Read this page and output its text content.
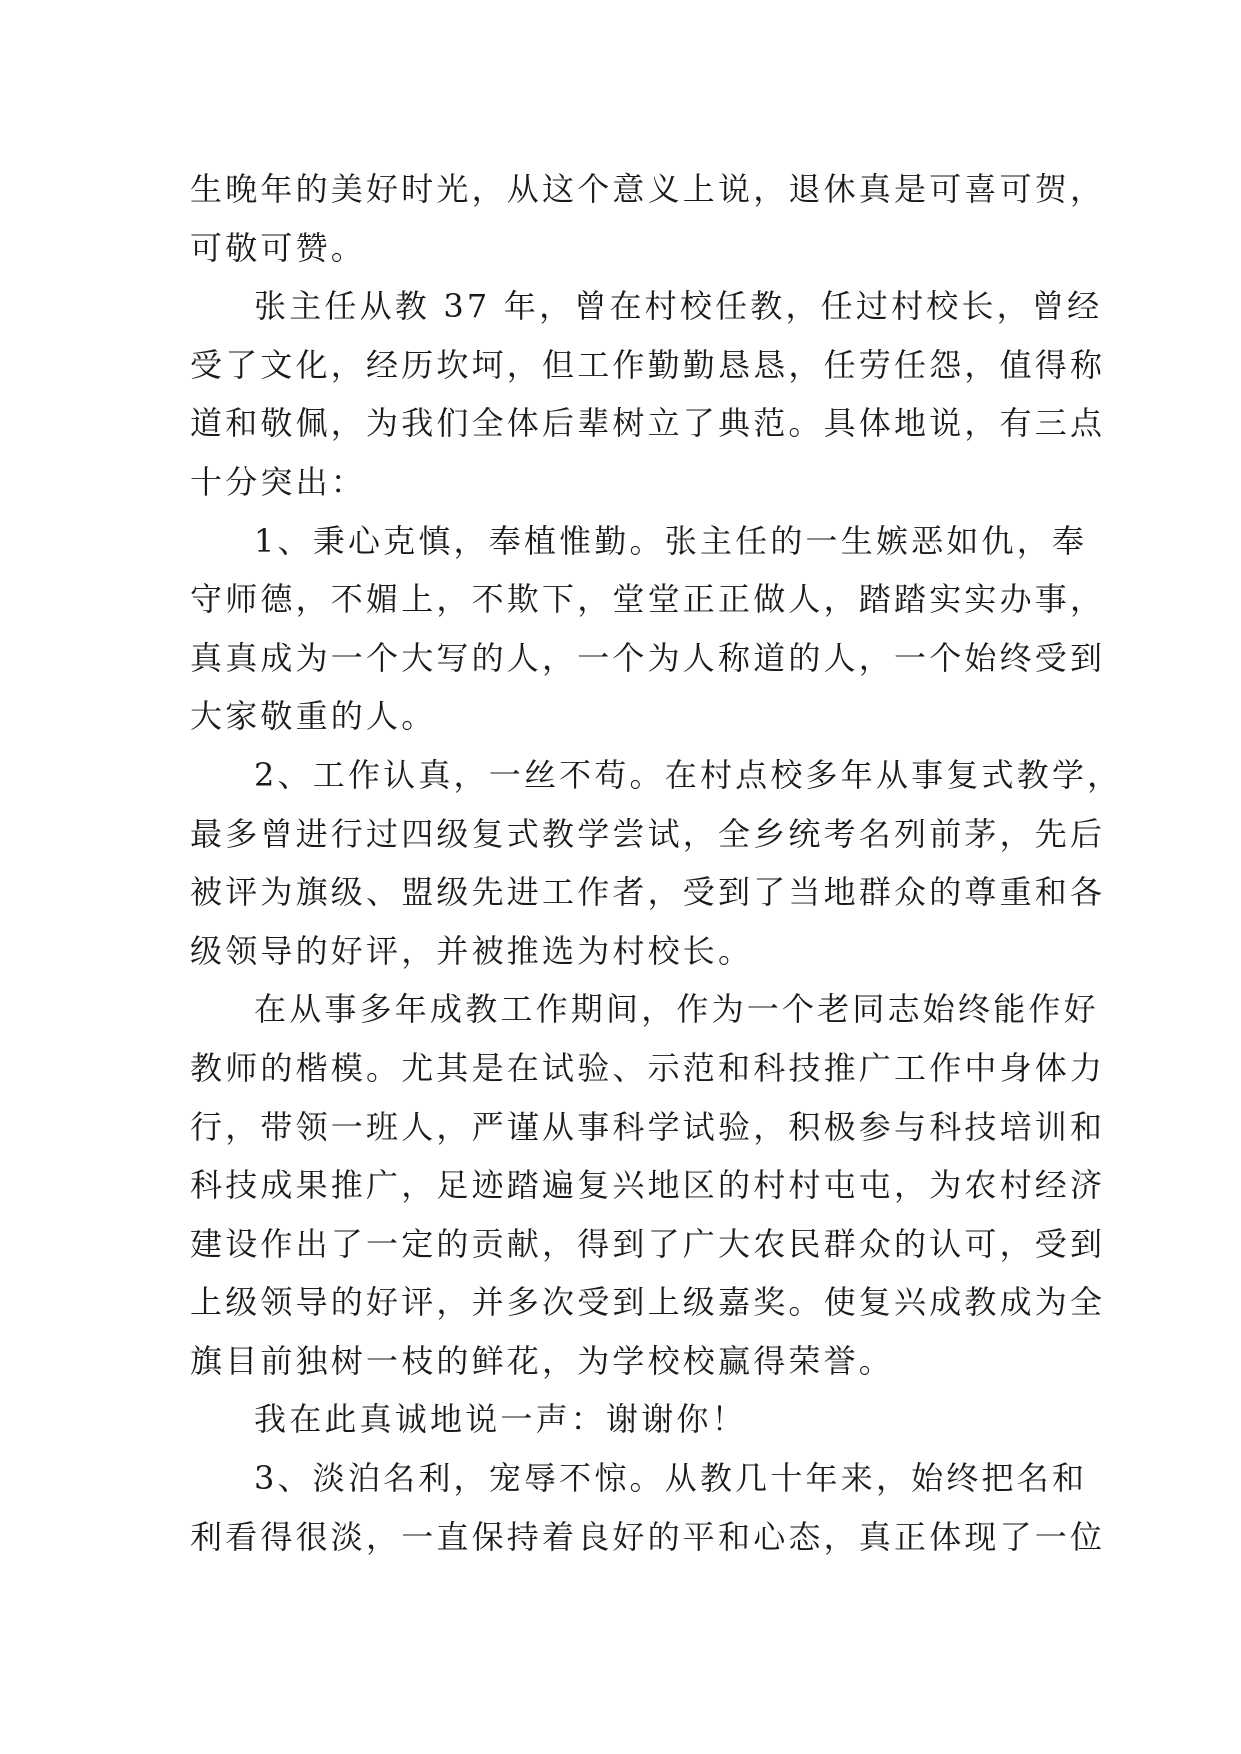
生晚年的美好时光，从这个意义上说，退休真是可喜可贺，
可敬可赞。

张主任从教 37 年，曾在村校任教，任过村校长，曾经
受了文化，经历坎坷，但工作勤勤恳恳，任劳任怨，值得称
道和敬佩，为我们全体后辈树立了典范。具体地说，有三点
十分突出：

1、秉心克慎，奉植惟勤。张主任的一生嫉恶如仇，奉
守师德，不媚上，不欺下，堂堂正正做人，踏踏实实办事，
真真成为一个大写的人，一个为人称道的人，一个始终受到
大家敬重的人。

2、工作认真，一丝不苟。在村点校多年从事复式教学，
最多曾进行过四级复式教学尝试，全乡统考名列前茅，先后
被评为旗级、盟级先进工作者，受到了当地群众的尊重和各
级领导的好评，并被推选为村校长。

在从事多年成教工作期间，作为一个老同志始终能作好
教师的楷模。尤其是在试验、示范和科技推广工作中身体力
行，带领一班人，严谨从事科学试验，积极参与科技培训和
科技成果推广，足迹踏遍复兴地区的村村屯屯，为农村经济
建设作出了一定的贡献，得到了广大农民群众的认可，受到
上级领导的好评，并多次受到上级嘉奖。使复兴成教成为全
旗目前独树一枝的鲜花，为学校校赢得荣誉。

我在此真诚地说一声：谢谢你！

3、淡泊名利，宠辱不惊。从教几十年来，始终把名和
利看得很淡，一直保持着良好的平和心态，真正体现了一位
